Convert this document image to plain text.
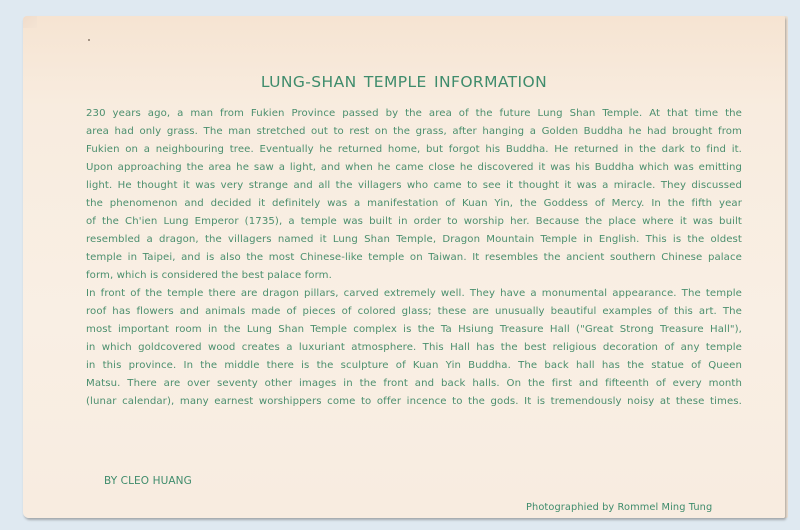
LUNG-SHAN TEMPLE INFORMATION
230 years ago, a man from Fukien Province passed by the area of the future Lung Shan Temple. At that time the
area had only grass. The man stretched out to rest on the grass, after hanging a Golden Buddha he had brought from
Fukien on a neighbouring tree. Eventually he returned home, but forgot his Buddha. He returned in the dark to find it.
Upon approaching the area he saw a light, and when he came close he discovered it was his Buddha which was emitting
light. He thought it was very strange and all the villagers who came to see it thought it was a miracle. They discussed
the phenomenon and decided it definitely was a manifestation of Kuan Yin, the Goddess of Mercy. In the fifth year
of the Ch'ien Lung Emperor (1735), a temple was built in order to worship her. Because the place where it was built
resembled a dragon, the villagers named it Lung Shan Temple, Dragon Mountain Temple in English. This is the oldest
temple in Taipei, and is also the most Chinese-like temple on Taiwan. It resembles the ancient southern Chinese palace
form, which is considered the best palace form.
In front of the temple there are dragon pillars, carved extremely well. They have a monumental appearance. The temple
roof has flowers and animals made of pieces of colored glass; these are unusually beautiful examples of this art. The
most important room in the Lung Shan Temple complex is the Ta Hsiung Treasure Hall ("Great Strong Treasure Hall"),
in which goldcovered wood creates a luxuriant atmosphere. This Hall has the best religious decoration of any temple
in this province. In the middle there is the sculpture of Kuan Yin Buddha. The back hall has the statue of Queen
Matsu. There are over seventy other images in the front and back halls. On the first and fifteenth of every month
(lunar calendar), many earnest worshippers come to offer incence to the gods. It is tremendously noisy at these times.
BY CLEO HUANG
Photographied by Rommel Ming Tung
